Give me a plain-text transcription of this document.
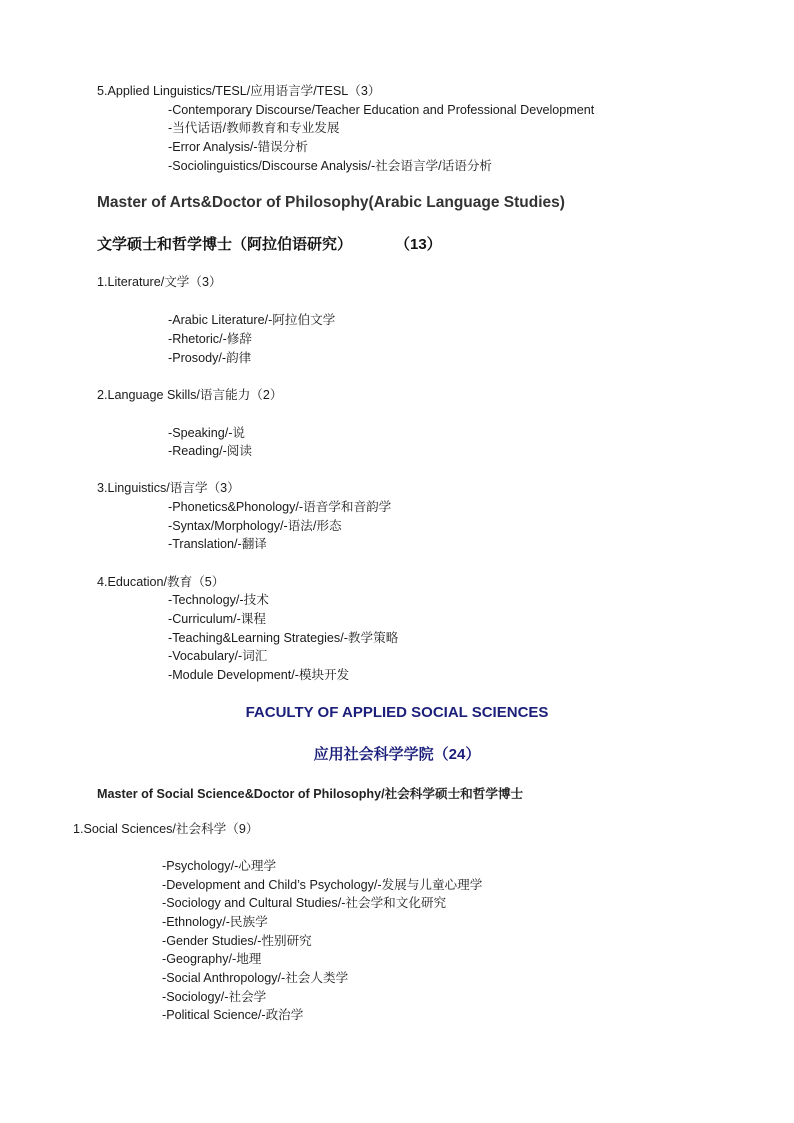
5.Applied Linguistics/TESL/应用语言学/TESL（3）
-Contemporary Discourse/Teacher Education and Professional Development
-当代话语/教师教育和专业发展
-Error Analysis/-错误分析
-Sociolinguistics/Discourse Analysis/-社会语言学/话语分析
Master of Arts&Doctor of Philosophy(Arabic Language Studies)
文学硕士和哲学博士（阿拉伯语研究）	（13）
1.Literature/文学（3）
-Arabic Literature/-阿拉伯文学
-Rhetoric/-修辞
-Prosody/-韵律
2.Language Skills/语言能力（2）
-Speaking/-说
-Reading/-阅读
3.Linguistics/语言学（3）
-Phonetics&Phonology/-语音学和音韵学
-Syntax/Morphology/-语法/形态
-Translation/-翻译
4.Education/教育（5）
-Technology/-技术
-Curriculum/-课程
-Teaching&Learning Strategies/-教学策略
-Vocabulary/-词汇
-Module Development/-模块开发
FACULTY OF APPLIED SOCIAL SCIENCES
应用社会科学学院（24）
Master of Social Science&Doctor of Philosophy/社会科学硕士和哲学博士
1.Social Sciences/社会科学（9）
-Psychology/-心理学
-Development and Child’s Psychology/-发展与儿童心理学
-Sociology and Cultural Studies/-社会学和文化研究
-Ethnology/-民族学
-Gender Studies/-性别研究
-Geography/-地理
-Social Anthropology/-社会人类学
-Sociology/-社会学
-Political Science/-政治学
